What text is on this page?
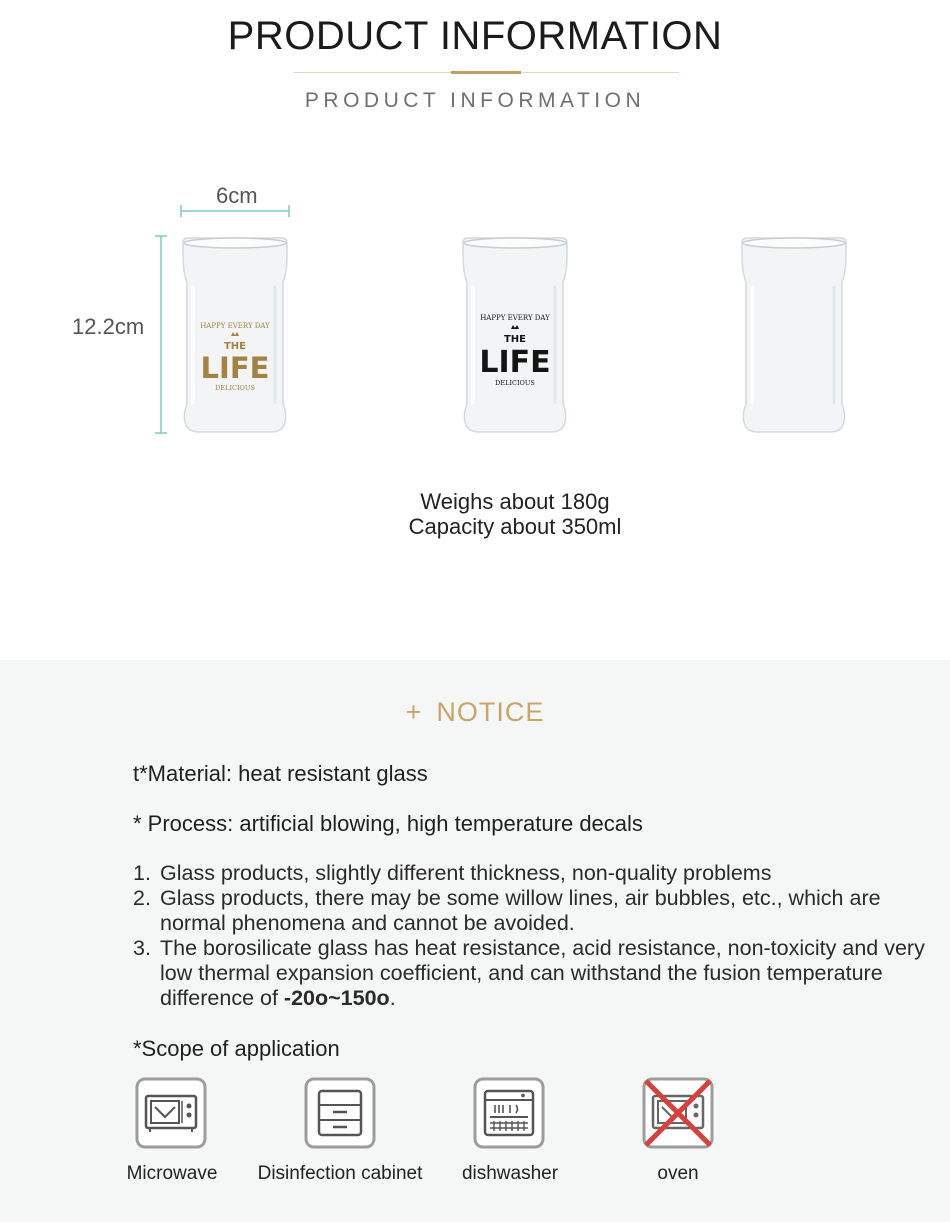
PRODUCT INFORMATION
PRODUCT INFORMATION
6cm
12.2cm	HAPPY EVERY DAY
THE
LIFE
DELICIOUS
HAPPY EVERY DAY
THE
LIFE
DELICIOUS
Weighs about 180g
Capacity about 350ml
+ NOTICE
t*Material: heat resistant glass
* Process: artificial blowing, high temperature decals
1. Glass products, slightly different thickness, non-quality problems
2. Glass products, there may be some willow lines, air bubbles, etc., which are normal phenomena and cannot be avoided.
3. The borosilicate glass has heat resistance, acid resistance, non-toxicity and very low thermal expansion coefficient, and can withstand the fusion temperature difference of -20o~150o.
*Scope of application
Microwave	Disinfection cabinet	dishwasher	oven
